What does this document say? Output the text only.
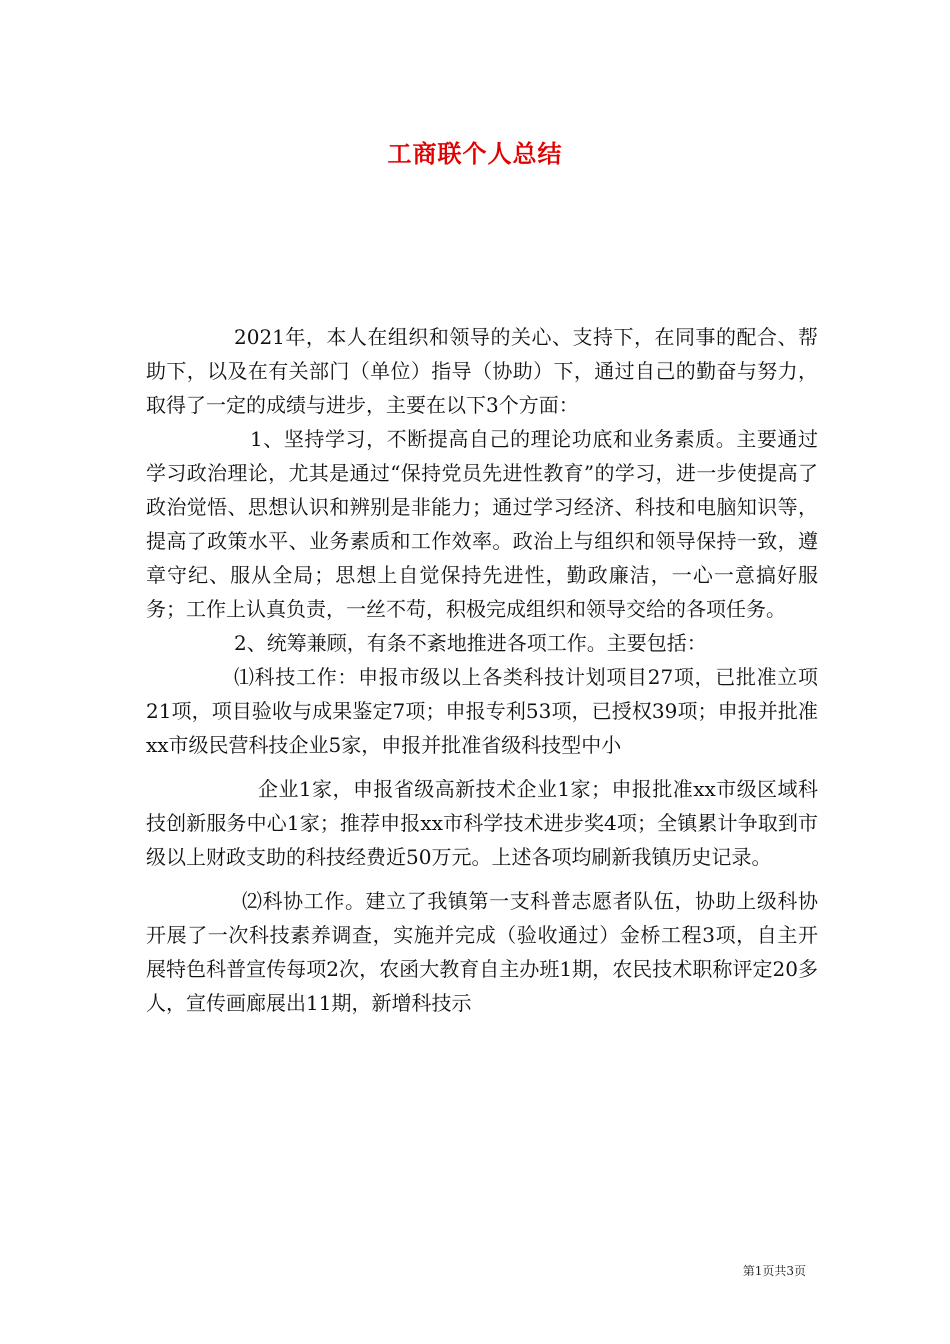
工商联个人总结

2021年，本人在组织和领导的关心、支持下，在同事的配合、帮助下，以及在有关部门（单位）指导（协助）下，通过自己的勤奋与努力，取得了一定的成绩与进步，主要在以下3个方面：

1、坚持学习，不断提高自己的理论功底和业务素质。主要通过学习政治理论，尤其是通过“保持党员先进性教育”的学习，进一步使提高了政治觉悟、思想认识和辨别是非能力；通过学习经济、科技和电脑知识等，提高了政策水平、业务素质和工作效率。政治上与组织和领导保持一致，遵章守纪、服从全局；思想上自觉保持先进性，勤政廉洁，一心一意搞好服务；工作上认真负责，一丝不苟，积极完成组织和领导交给的各项任务。

2、统筹兼顾，有条不紊地推进各项工作。主要包括：

⑴科技工作：申报市级以上各类科技计划项目27项，已批准立项21项，项目验收与成果鉴定7项；申报专利53项，已授权39项；申报并批准xx市级民营科技企业5家，申报并批准省级科技型中小

企业1家，申报省级高新技术企业1家；申报批准xx市级区域科技创新服务中心1家；推荐申报xx市科学技术进步奖4项；全镇累计争取到市级以上财政支助的科技经费近50万元。上述各项均刷新我镇历史记录。

⑵科协工作。建立了我镇第一支科普志愿者队伍，协助上级科协开展了一次科技素养调查，实施并完成（验收通过）金桥工程3项，自主开展特色科普宣传每项2次，农函大教育自主办班1期，农民技术职称评定20多人，宣传画廊展出11期，新增科技示

第1页共3页
